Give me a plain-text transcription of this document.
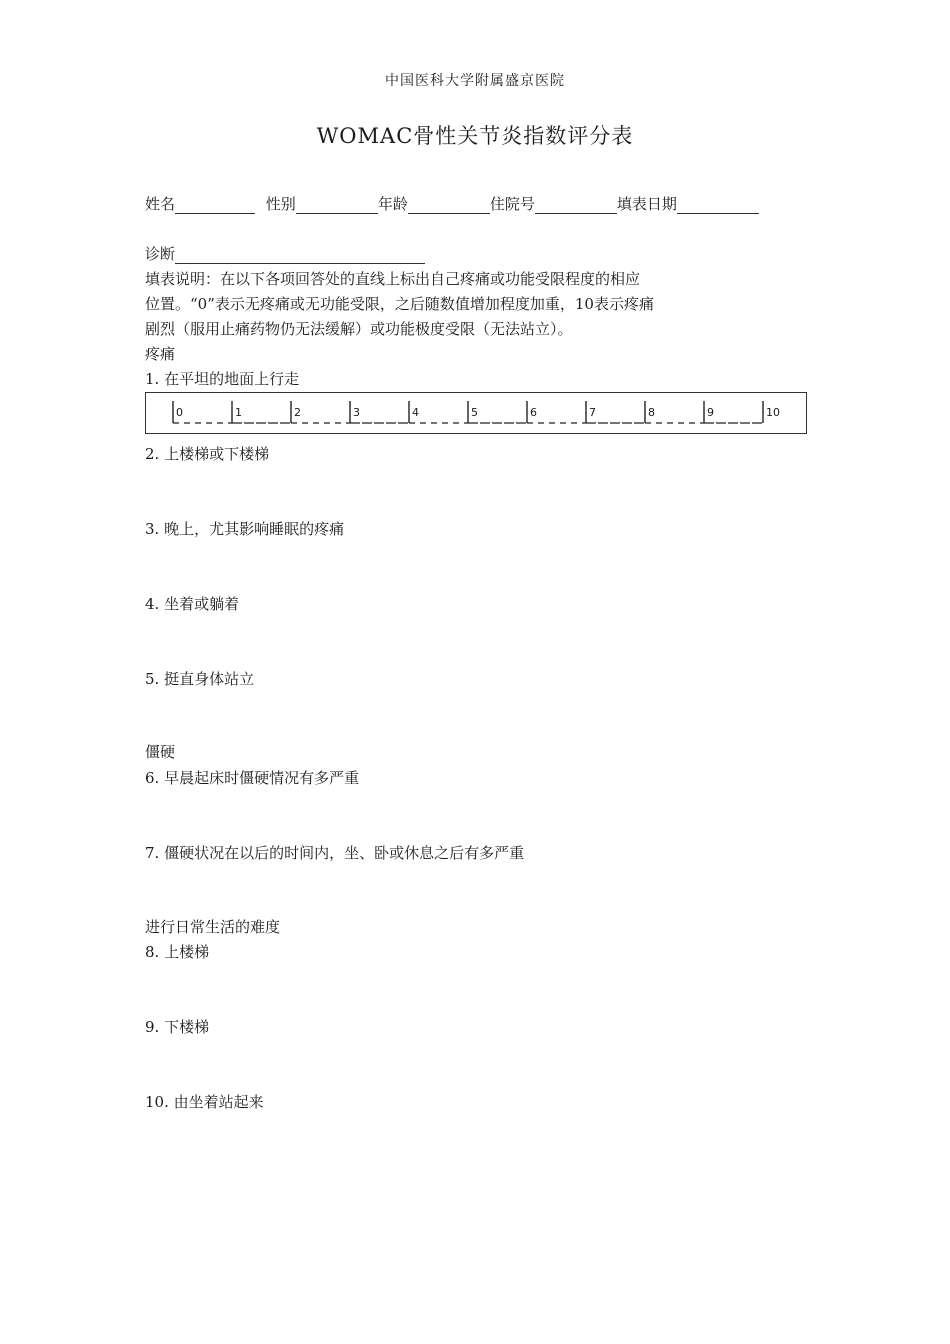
中国医科大学附属盛京医院
WOMAC骨性关节炎指数评分表
姓名	性别	年龄	住院号	填表日期
诊断
填表说明：在以下各项回答处的直线上标出自己疼痛或功能受限程度的相应
位置。“0”表示无疼痛或无功能受限，之后随数值增加程度加重，10表示疼痛
剧烈（服用止痛药物仍无法缓解）或功能极度受限（无法站立）。
疼痛
1. 在平坦的地面上行走
0	1	2	3	4	5	6	7	8	9	10
2. 上楼梯或下楼梯
3. 晚上，尤其影响睡眠的疼痛
4. 坐着或躺着
5. 挺直身体站立
僵硬
6. 早晨起床时僵硬情况有多严重
7. 僵硬状况在以后的时间内，坐、卧或休息之后有多严重
进行日常生活的难度
8. 上楼梯
9. 下楼梯
10. 由坐着站起来
